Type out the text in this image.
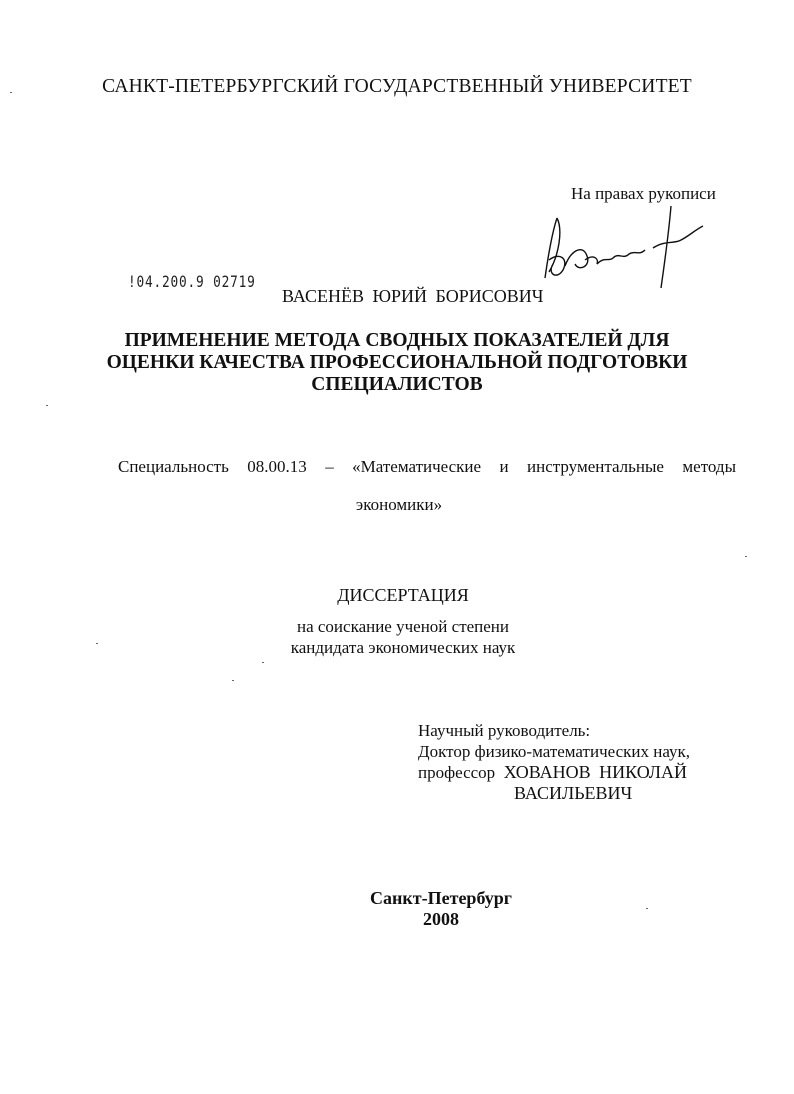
САНКТ-ПЕТЕРБУРГСКИЙ ГОСУДАРСТВЕННЫЙ УНИВЕРСИТЕТ
На правах рукописи
!04.200.9 02719
ВАСЕНЁВ ЮРИЙ БОРИСОВИЧ
ПРИМЕНЕНИЕ МЕТОДА СВОДНЫХ ПОКАЗАТЕЛЕЙ ДЛЯ
ОЦЕНКИ КАЧЕСТВА ПРОФЕССИОНАЛЬНОЙ ПОДГОТОВКИ
СПЕЦИАЛИСТОВ
Специальность 08.00.13 – «Математические и инструментальные методы
экономики»
ДИССЕРТАЦИЯ
на соискание ученой степени
кандидата экономических наук
Научный руководитель:
Доктор физико-математических наук,
профессор ХОВАНОВ НИКОЛАЙ
ВАСИЛЬЕВИЧ
Санкт-Петербург
2008
